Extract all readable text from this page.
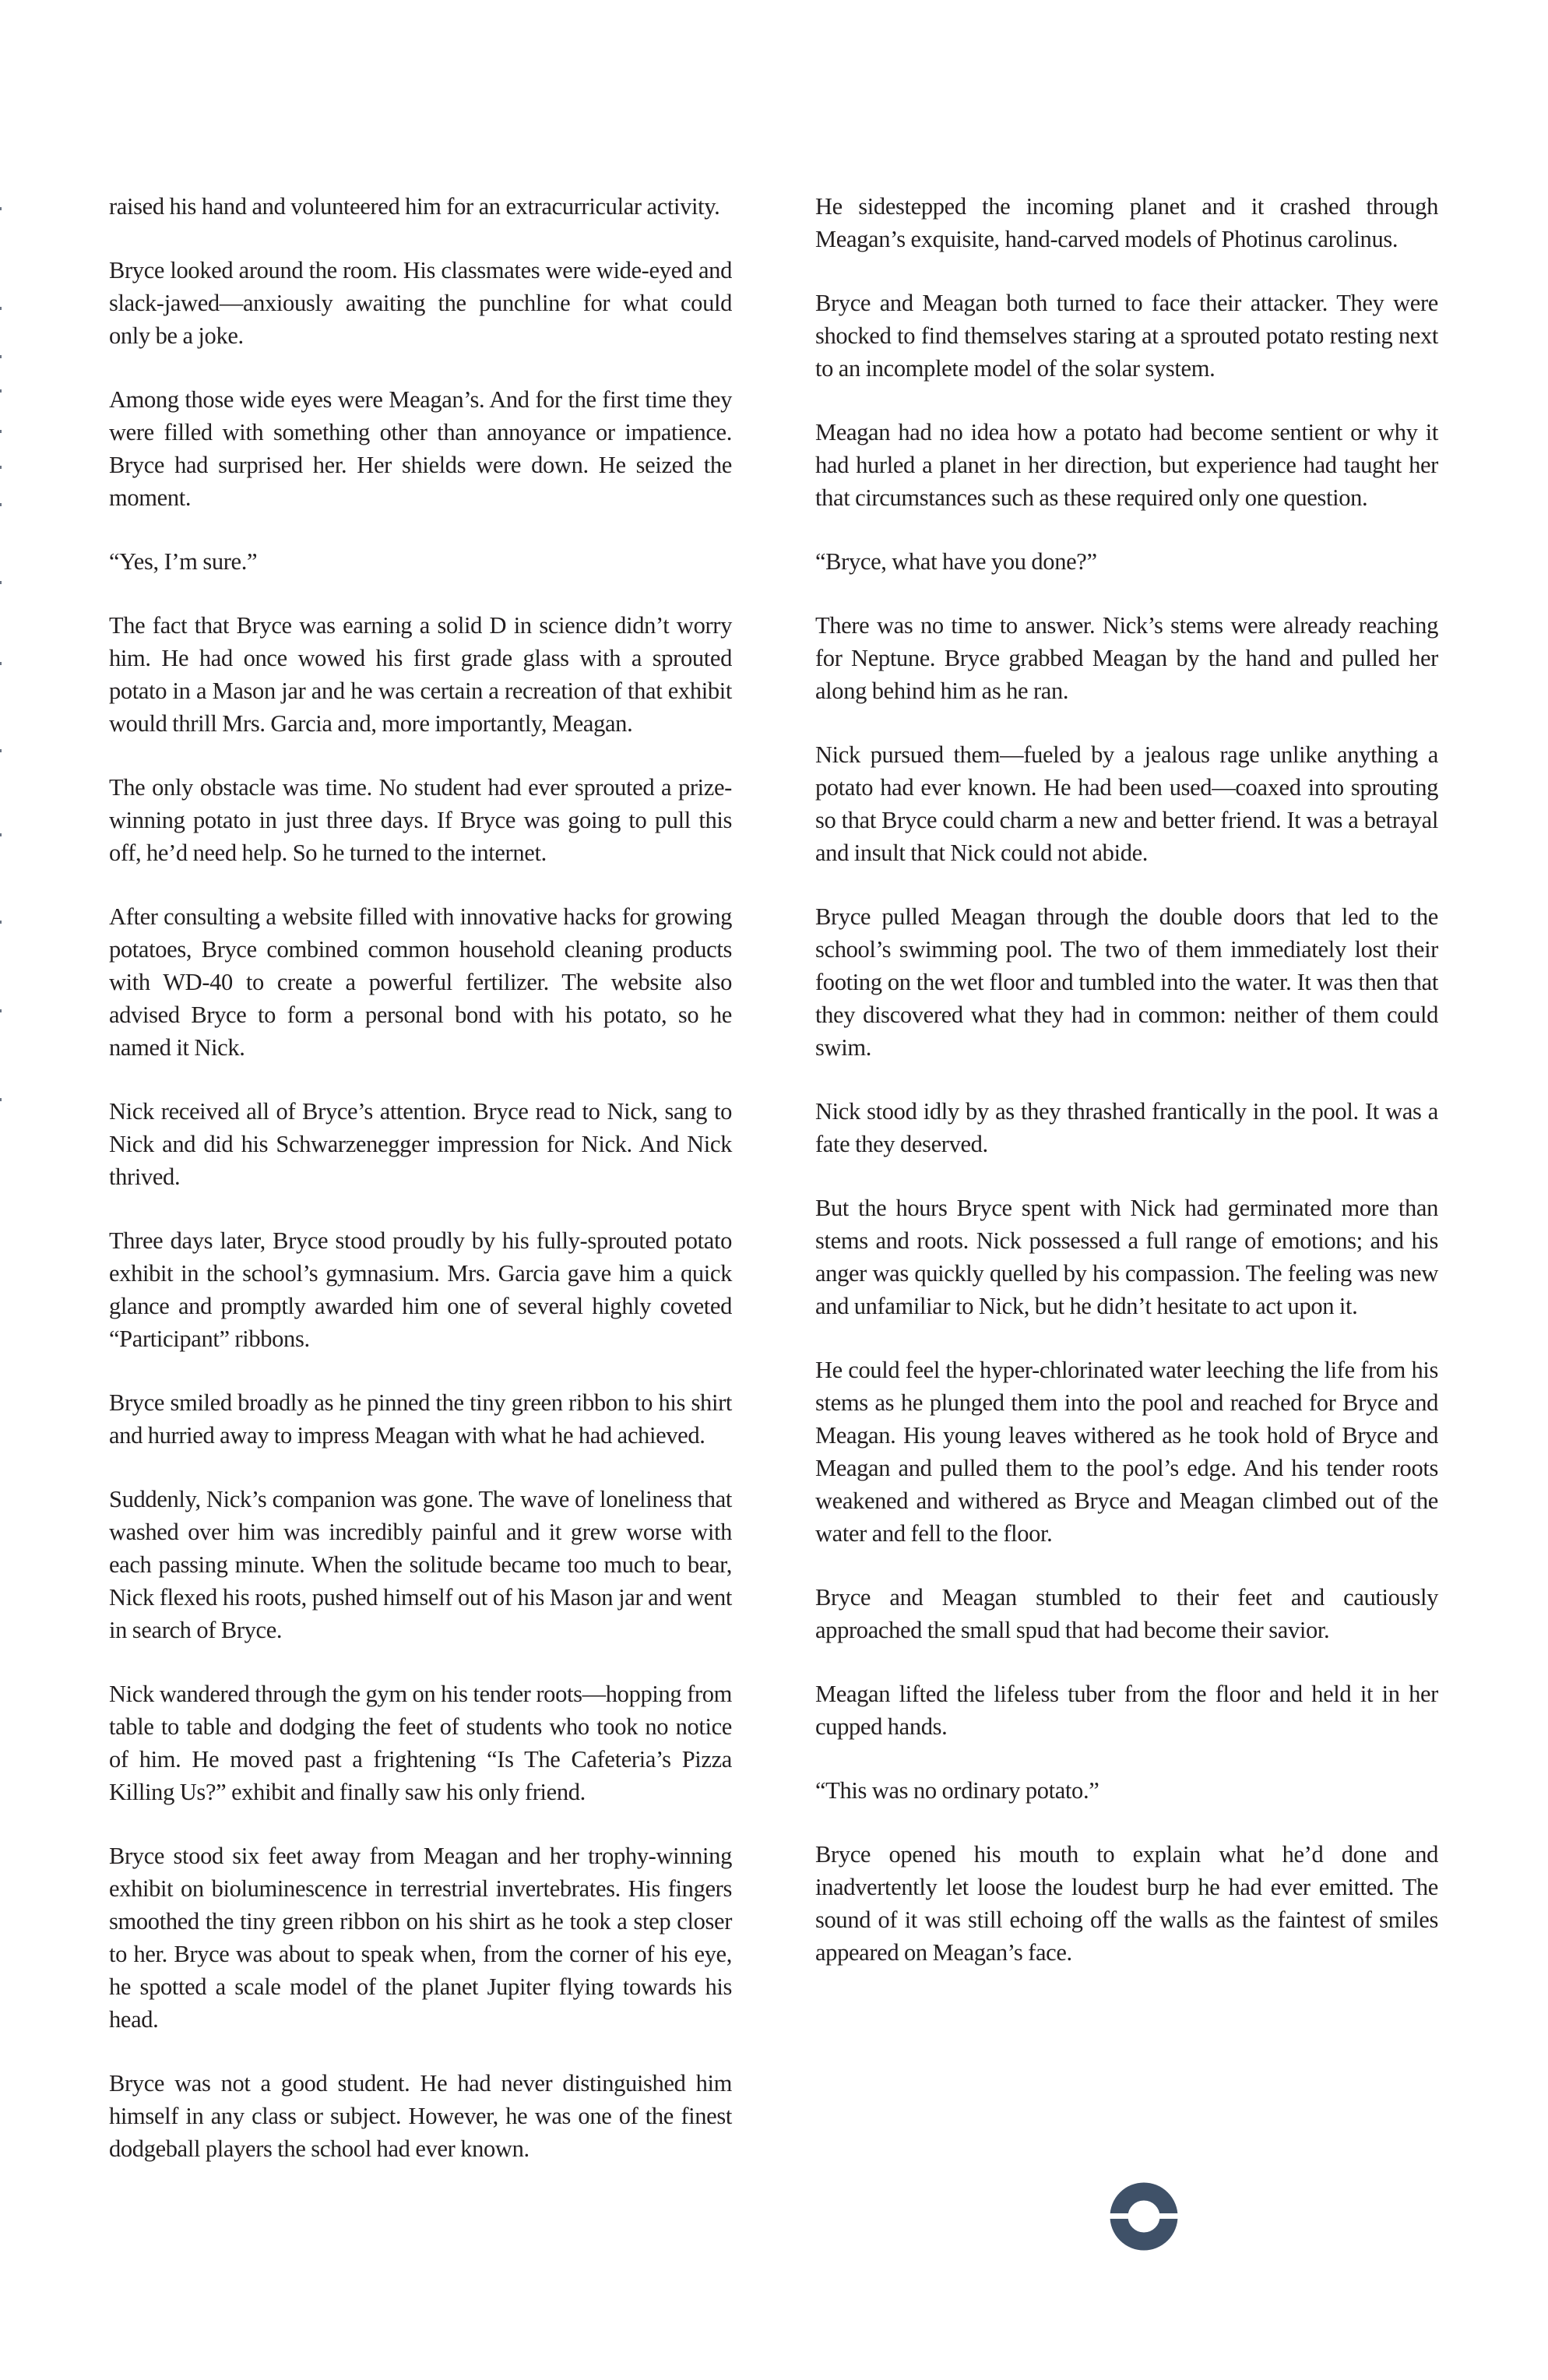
raised his hand and volunteered him for an extracurricular activity.

Bryce looked around the room. His classmates were wide-eyed and slack-jawed—anxiously awaiting the punchline for what could only be a joke.

Among those wide eyes were Meagan’s. And for the first time they were filled with something other than annoyance or impatience. Bryce had surprised her. Her shields were down. He seized the moment.

“Yes, I’m sure.”

The fact that Bryce was earning a solid D in science didn’t worry him. He had once wowed his first grade glass with a sprouted potato in a Mason jar and he was certain a recreation of that exhibit would thrill Mrs. Garcia and, more importantly, Meagan.

The only obstacle was time. No student had ever sprouted a prize-winning potato in just three days. If Bryce was going to pull this off, he’d need help. So he turned to the internet.

After consulting a website filled with innovative hacks for growing potatoes, Bryce combined common household cleaning products with WD-40 to create a powerful fertilizer. The website also advised Bryce to form a personal bond with his potato, so he named it Nick.

Nick received all of Bryce’s attention. Bryce read to Nick, sang to Nick and did his Schwarzenegger impression for Nick. And Nick thrived.

Three days later, Bryce stood proudly by his fully-sprouted potato exhibit in the school’s gymnasium. Mrs. Garcia gave him a quick glance and promptly awarded him one of several highly coveted “Participant” ribbons.

Bryce smiled broadly as he pinned the tiny green ribbon to his shirt and hurried away to impress Meagan with what he had achieved.

Suddenly, Nick’s companion was gone. The wave of loneliness that washed over him was incredibly painful and it grew worse with each passing minute. When the solitude became too much to bear, Nick flexed his roots, pushed himself out of his Mason jar and went in search of Bryce.

Nick wandered through the gym on his tender roots—hopping from table to table and dodging the feet of students who took no notice of him. He moved past a frightening “Is The Cafeteria’s Pizza Killing Us?” exhibit and finally saw his only friend.

Bryce stood six feet away from Meagan and her trophy-winning exhibit on bioluminescence in terrestrial invertebrates. His fingers smoothed the tiny green ribbon on his shirt as he took a step closer to her. Bryce was about to speak when, from the corner of his eye, he spotted a scale model of the planet Jupiter flying towards his head.

Bryce was not a good student. He had never distinguished him himself in any class or subject. However, he was one of the finest dodgeball players the school had ever known.

He sidestepped the incoming planet and it crashed through Meagan’s exquisite, hand-carved models of Photinus carolinus.

Bryce and Meagan both turned to face their attacker. They were shocked to find themselves staring at a sprouted potato resting next to an incomplete model of the solar system.

Meagan had no idea how a potato had become sentient or why it had hurled a planet in her direction, but experience had taught her that circumstances such as these required only one question.

“Bryce, what have you done?”

There was no time to answer. Nick’s stems were already reaching for Neptune. Bryce grabbed Meagan by the hand and pulled her along behind him as he ran.

Nick pursued them—fueled by a jealous rage unlike anything a potato had ever known. He had been used—coaxed into sprouting so that Bryce could charm a new and better friend. It was a betrayal and insult that Nick could not abide.

Bryce pulled Meagan through the double doors that led to the school’s swimming pool. The two of them immediately lost their footing on the wet floor and tumbled into the water. It was then that they discovered what they had in common: neither of them could swim.

Nick stood idly by as they thrashed frantically in the pool. It was a fate they deserved.

But the hours Bryce spent with Nick had germinated more than stems and roots. Nick possessed a full range of emotions; and his anger was quickly quelled by his compassion. The feeling was new and unfamiliar to Nick, but he didn’t hesitate to act upon it.

He could feel the hyper-chlorinated water leeching the life from his stems as he plunged them into the pool and reached for Bryce and Meagan. His young leaves withered as he took hold of Bryce and Meagan and pulled them to the pool’s edge. And his tender roots weakened and withered as Bryce and Meagan climbed out of the water and fell to the floor.

Bryce and Meagan stumbled to their feet and cautiously approached the small spud that had become their savior.

Meagan lifted the lifeless tuber from the floor and held it in her cupped hands.

“This was no ordinary potato.”

Bryce opened his mouth to explain what he’d done and inadvertently let loose the loudest burp he had ever emitted. The sound of it was still echoing off the walls as the faintest of smiles appeared on Meagan’s face.
